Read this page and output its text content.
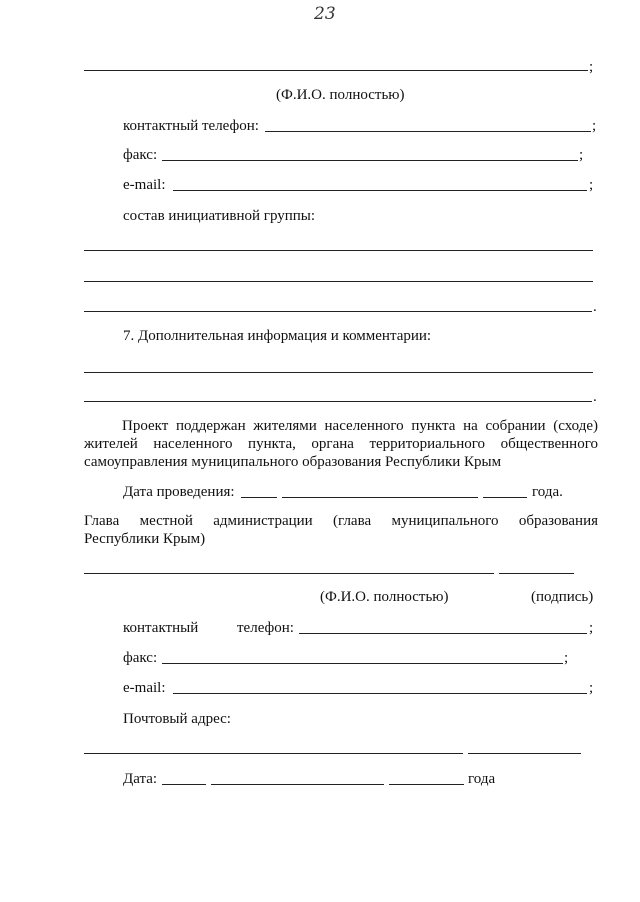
23
;
(Ф.И.О. полностью)
контактный телефон:	;
факс:	;
e-mail:	;
состав инициативной группы:
.
7. Дополнительная информация и комментарии:
.
Проект поддержан жителями населенного пункта на собрании (сходе) жителей населенного пункта, органа территориального общественного самоуправления муниципального образования Республики Крым
Дата проведения:	года.
Глава местной администрации (глава муниципального образования
Республики Крым)
(Ф.И.О. полностью)	(подпись)
контактный	телефон:	;
факс:	;
e-mail:	;
Почтовый адрес:
Дата:	года
